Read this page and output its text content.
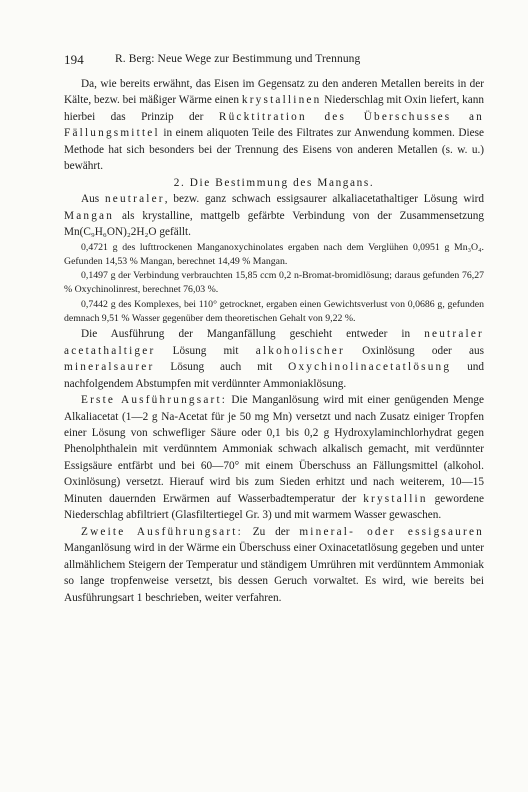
194	R. Berg: Neue Wege zur Bestimmung und Trennung

Da, wie bereits erwähnt, das Eisen im Gegensatz zu den anderen Metallen bereits in der Kälte, bezw. bei mäßiger Wärme einen krystallinen Niederschlag mit Oxin liefert, kann hierbei das Prinzip der Rücktitration des Überschusses an Fällungsmittel in einem aliquoten Teile des Filtrates zur Anwendung kommen. Diese Methode hat sich besonders bei der Trennung des Eisens von anderen Metallen (s. w. u.) bewährt.

2. Die Bestimmung des Mangans.

Aus neutraler, bezw. ganz schwach essigsaurer alkaliacetathaltiger Lösung wird Mangan als krystalline, mattgelb gefärbte Verbindung von der Zusammensetzung Mn(C₉H₆ON)₂2H₂O gefällt.

0,4721 g des lufttrockenen Manganoxychinolates ergaben nach dem Verglühen 0,0951 g Mn₃O₄. Gefunden 14,53 % Mangan, berechnet 14,49 % Mangan.

0,1497 g der Verbindung verbrauchten 15,85 ccm 0,2 n-Bromat-bromidlösung; daraus gefunden 76,27 % Oxychinolinrest, berechnet 76,03 %.

0,7442 g des Komplexes, bei 110° getrocknet, ergaben einen Gewichtsverlust von 0,0686 g, gefunden demnach 9,51 % Wasser gegenüber dem theoretischen Gehalt von 9,22 %.

Die Ausführung der Manganfällung geschieht entweder in neutraler acetathaltiger Lösung mit alkoholischer Oxinlösung oder aus mineralsaurer Lösung auch mit Oxychinolinacetatlösung und nachfolgendem Abstumpfen mit verdünnter Ammoniaklösung.

Erste Ausführungsart: Die Manganlösung wird mit einer genügenden Menge Alkaliacetat (1—2 g Na-Acetat für je 50 mg Mn) versetzt und nach Zusatz einiger Tropfen einer Lösung von schwefliger Säure oder 0,1 bis 0,2 g Hydroxylaminchlorhydrat gegen Phenolphthalein mit verdünntem Ammoniak schwach alkalisch gemacht, mit verdünnter Essigsäure entfärbt und bei 60—70° mit einem Überschuss an Fällungsmittel (alkohol. Oxinlösung) versetzt. Hierauf wird bis zum Sieden erhitzt und nach weiterem, 10—15 Minuten dauernden Erwärmen auf Wasserbadtemperatur der krystallin gewordene Niederschlag abfiltriert (Glasfiltertiegel Gr. 3) und mit warmem Wasser gewaschen.

Zweite Ausführungsart: Zu der mineral- oder essigsauren Manganlösung wird in der Wärme ein Überschuss einer Oxinacetatlösung gegeben und unter allmählichem Steigern der Temperatur und ständigem Umrühren mit verdünntem Ammoniak so lange tropfenweise versetzt, bis dessen Geruch vorwaltet. Es wird, wie bereits bei Ausführungsart 1 beschrieben, weiter verfahren.
